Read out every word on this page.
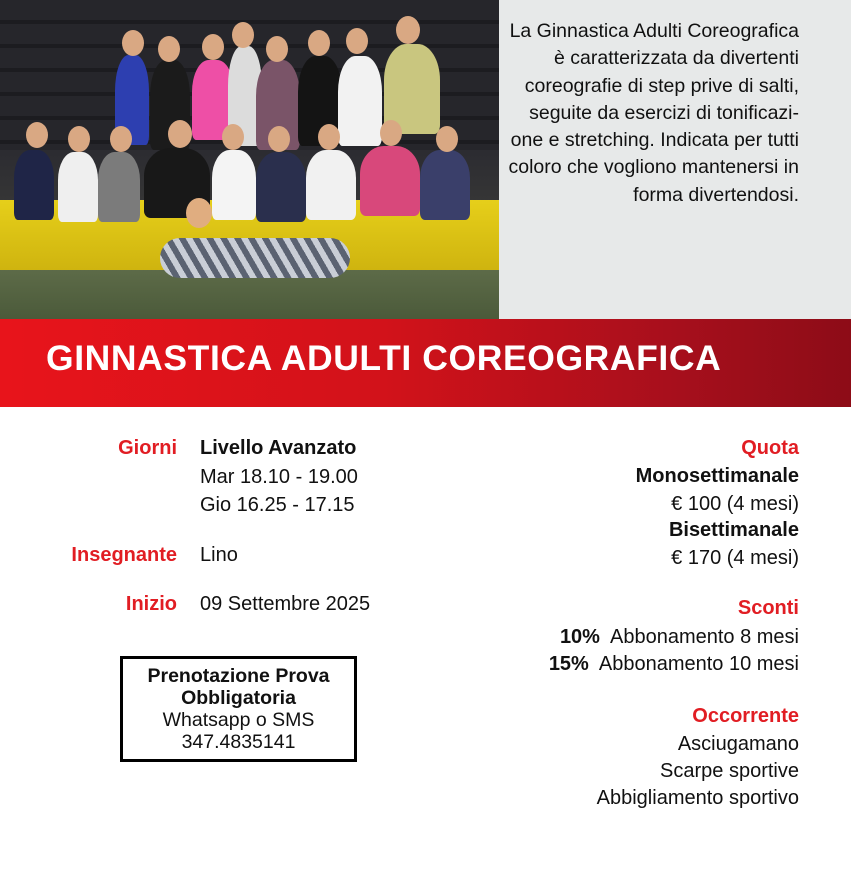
La Ginnastica Adulti Coreografica è caratterizzata da divertenti coreografie di step prive di salti, seguite da esercizi di tonificazi-one e stretching. Indicata per tutti coloro che vogliono mantenersi in forma divertendosi.

GINNASTICA ADULTI COREOGRAFICA
Giorni Livello Avanzato
Mar 18.10 - 19.00
Gio 16.25 - 17.15
Insegnante Lino
Inizio 09 Settembre 2025
Prenotazione Prova
Obbligatoria
Whatsapp o SMS
347.4835141
Quota
Monosettimanale
€ 100 (4 mesi)
Bisettimanale
€ 170 (4 mesi)
Sconti
10% Abbonamento 8 mesi
15% Abbonamento 10 mesi
Occorrente
Asciugamano
Scarpe sportive
Abbigliamento sportivo
